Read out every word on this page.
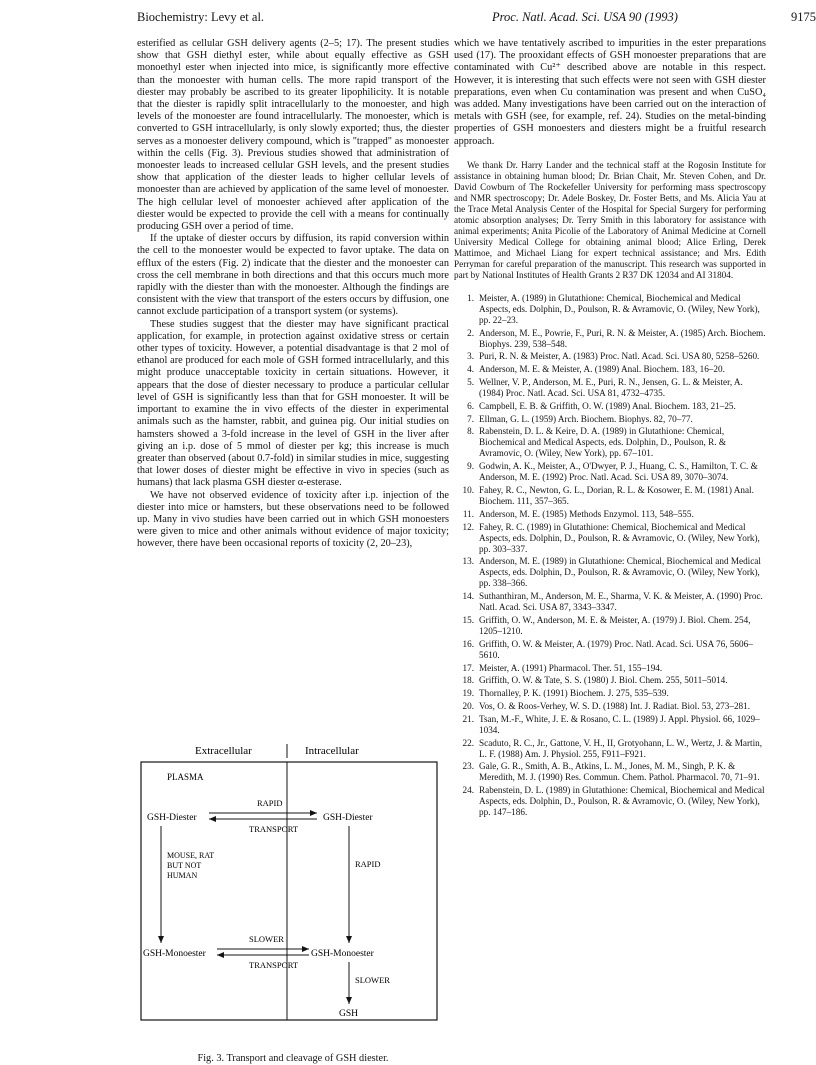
Biochemistry: Levy et al.	Proc. Natl. Acad. Sci. USA 90 (1993)	9175

esterified as cellular GSH delivery agents (2–5; 17). The present studies show that GSH diethyl ester, while about equally effective as GSH monoethyl ester when injected into mice, is significantly more effective than the monoester with human cells. The more rapid transport of the diester may probably be ascribed to its greater lipophilicity. It is notable that the diester is rapidly split intracellularly to the monoester, and high levels of the monoester are found intracellularly. The monoester, which is converted to GSH intracellularly, is only slowly exported; thus, the diester serves as a monoester delivery compound, which is "trapped" as monoester within the cells (Fig. 3). Previous studies showed that administration of monoester leads to increased cellular GSH levels, and the present studies show that application of the diester leads to higher cellular levels of monoester than are achieved by application of the same level of monoester. The high cellular level of monoester achieved after application of the diester would be expected to provide the cell with a means for continually producing GSH over a period of time.

If the uptake of diester occurs by diffusion, its rapid conversion within the cell to the monoester would be expected to favor uptake. The data on efflux of the esters (Fig. 2) indicate that the diester and the monoester can cross the cell membrane in both directions and that this occurs much more rapidly with the diester than with the monoester. Although the findings are consistent with the view that transport of the esters occurs by diffusion, one cannot exclude participation of a transport system (or systems).

These studies suggest that the diester may have significant practical application, for example, in protection against oxidative stress or certain other types of toxicity. However, a potential disadvantage is that 2 mol of ethanol are produced for each mole of GSH formed intracellularly, and this might produce unacceptable toxicity in certain situations. However, it appears that the dose of diester necessary to produce a particular cellular level of GSH is significantly less than that for GSH monoester. It will be important to examine the in vivo effects of the diester in experimental animals such as the hamster, rabbit, and guinea pig. Our initial studies on hamsters showed a 3-fold increase in the level of GSH in the liver after giving an i.p. dose of 5 mmol of diester per kg; this increase is much greater than observed (about 0.7-fold) in similar studies in mice, suggesting that lower doses of diester might be effective in vivo in species (such as humans) that lack plasma GSH diester α-esterase.

We have not observed evidence of toxicity after i.p. injection of the diester into mice or hamsters, but these observations need to be followed up. Many in vivo studies have been carried out in which GSH monoesters were given to mice and other animals without evidence of major toxicity; however, there have been occasional reports of toxicity (2, 20–23),

Extracellular	Intracellular
PLASMA
GSH-Diester	GSH-Diester
RAPID
TRANSPORT
MOUSE, RAT
BUT NOT
HUMAN
RAPID
GSH-Monoester	GSH-Monoester
SLOWER
TRANSPORT
SLOWER
GSH
Fig. 3. Transport and cleavage of GSH diester.

which we have tentatively ascribed to impurities in the ester preparations used (17). The prooxidant effects of GSH monoester preparations that are contaminated with Cu²⁺ described above are notable in this respect. However, it is interesting that such effects were not seen with GSH diester preparations, even when Cu contamination was present and when CuSO₄ was added. Many investigations have been carried out on the interaction of metals with GSH (see, for example, ref. 24). Studies on the metal-binding properties of GSH monoesters and diesters might be a fruitful research approach.

We thank Dr. Harry Lander and the technical staff at the Rogosin Institute for assistance in obtaining human blood; Dr. Brian Chait, Mr. Steven Cohen, and Dr. David Cowburn of The Rockefeller University for performing mass spectroscopy and NMR spectroscopy; Dr. Adele Boskey, Dr. Foster Betts, and Ms. Alicia Yau at the Trace Metal Analysis Center of the Hospital for Special Surgery for performing atomic absorption analyses; Dr. Terry Smith in this laboratory for assistance with animal experiments; Anita Picolie of the Laboratory of Animal Medicine at Cornell University Medical College for obtaining animal blood; Alice Erling, Derek Mattimoe, and Michael Liang for expert technical assistance; and Mrs. Edith Perryman for careful preparation of the manuscript. This research was supported in part by National Institutes of Health Grants 2 R37 DK 12034 and AI 31804.

1. Meister, A. (1989) in Glutathione: Chemical, Biochemical and Medical Aspects, eds. Dolphin, D., Poulson, R. & Avramovic, O. (Wiley, New York), pp. 22–23.
2. Anderson, M. E., Powrie, F., Puri, R. N. & Meister, A. (1985) Arch. Biochem. Biophys. 239, 538–548.
3. Puri, R. N. & Meister, A. (1983) Proc. Natl. Acad. Sci. USA 80, 5258–5260.
4. Anderson, M. E. & Meister, A. (1989) Anal. Biochem. 183, 16–20.
5. Wellner, V. P., Anderson, M. E., Puri, R. N., Jensen, G. L. & Meister, A. (1984) Proc. Natl. Acad. Sci. USA 81, 4732–4735.
6. Campbell, E. B. & Griffith, O. W. (1989) Anal. Biochem. 183, 21–25.
7. Ellman, G. L. (1959) Arch. Biochem. Biophys. 82, 70–77.
8. Rabenstein, D. L. & Keire, D. A. (1989) in Glutathione: Chemical, Biochemical and Medical Aspects, eds. Dolphin, D., Poulson, R. & Avramovic, O. (Wiley, New York), pp. 67–101.
9. Godwin, A. K., Meister, A., O'Dwyer, P. J., Huang, C. S., Hamilton, T. C. & Anderson, M. E. (1992) Proc. Natl. Acad. Sci. USA 89, 3070–3074.
10. Fahey, R. C., Newton, G. L., Dorian, R. L. & Kosower, E. M. (1981) Anal. Biochem. 111, 357–365.
11. Anderson, M. E. (1985) Methods Enzymol. 113, 548–555.
12. Fahey, R. C. (1989) in Glutathione: Chemical, Biochemical and Medical Aspects, eds. Dolphin, D., Poulson, R. & Avramovic, O. (Wiley, New York), pp. 303–337.
13. Anderson, M. E. (1989) in Glutathione: Chemical, Biochemical and Medical Aspects, eds. Dolphin, D., Poulson, R. & Avramovic, O. (Wiley, New York), pp. 338–366.
14. Suthanthiran, M., Anderson, M. E., Sharma, V. K. & Meister, A. (1990) Proc. Natl. Acad. Sci. USA 87, 3343–3347.
15. Griffith, O. W., Anderson, M. E. & Meister, A. (1979) J. Biol. Chem. 254, 1205–1210.
16. Griffith, O. W. & Meister, A. (1979) Proc. Natl. Acad. Sci. USA 76, 5606–5610.
17. Meister, A. (1991) Pharmacol. Ther. 51, 155–194.
18. Griffith, O. W. & Tate, S. S. (1980) J. Biol. Chem. 255, 5011–5014.
19. Thornalley, P. K. (1991) Biochem. J. 275, 535–539.
20. Vos, O. & Roos-Verhey, W. S. D. (1988) Int. J. Radiat. Biol. 53, 273–281.
21. Tsan, M.-F., White, J. E. & Rosano, C. L. (1989) J. Appl. Physiol. 66, 1029–1034.
22. Scaduto, R. C., Jr., Gattone, V. H., II, Grotyohann, L. W., Wertz, J. & Martin, L. F. (1988) Am. J. Physiol. 255, F911–F921.
23. Gale, G. R., Smith, A. B., Atkins, L. M., Jones, M. M., Singh, P. K. & Meredith, M. J. (1990) Res. Commun. Chem. Pathol. Pharmacol. 70, 71–91.
24. Rabenstein, D. L. (1989) in Glutathione: Chemical, Biochemical and Medical Aspects, eds. Dolphin, D., Poulson, R. & Avramovic, O. (Wiley, New York), pp. 147–186.
